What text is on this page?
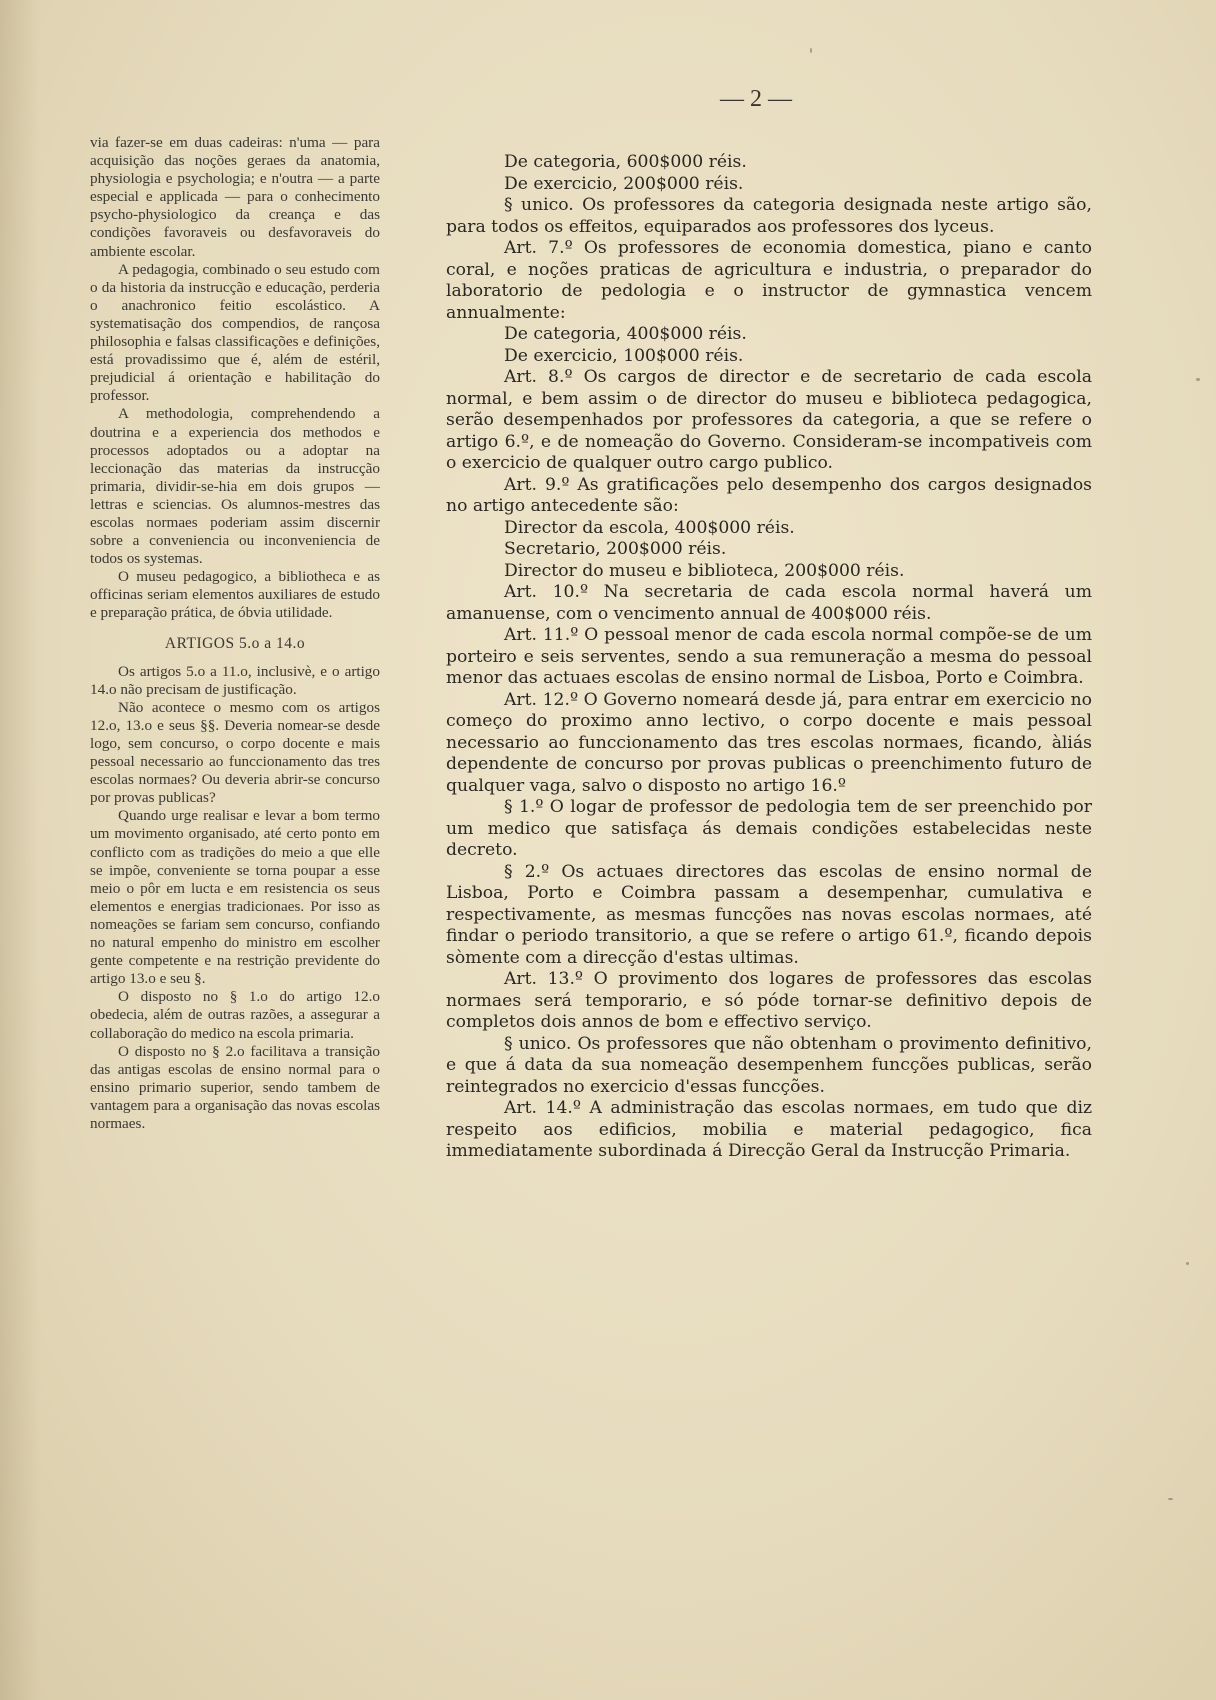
— 2 —

via fazer-se em duas cadeiras: n'uma — para acquisição das noções geraes da anatomia, physiologia e psychologia; e n'outra — a parte especial e applicada — para o conhecimento psycho-physiologico da creança e das condições favoraveis ou desfavoraveis do ambiente escolar.

A pedagogia, combinado o seu estudo com o da historia da instrucção e educação, perderia o anachronico feitio escolástico. A systematisação dos compendios, de rançosa philosophia e falsas classificações e definições, está provadissimo que é, além de estéril, prejudicial á orientação e habilitação do professor.

A methodologia, comprehendendo a doutrina e a experiencia dos methodos e processos adoptados ou a adoptar na leccionação das materias da instrucção primaria, dividir-se-hia em dois grupos — lettras e sciencias. Os alumnos-mestres das escolas normaes poderiam assim discernir sobre a conveniencia ou inconveniencia de todos os systemas.

O museu pedagogico, a bibliotheca e as officinas seriam elementos auxiliares de estudo e preparação prática, de óbvia utilidade.

ARTIGOS 5.o a 14.o

Os artigos 5.o a 11.o, inclusivè, e o artigo 14.o não precisam de justificação.

Não acontece o mesmo com os artigos 12.o, 13.o e seus §§. Deveria nomear-se desde logo, sem concurso, o corpo docente e mais pessoal necessario ao funccionamento das tres escolas normaes? Ou deveria abrir-se concurso por provas publicas?

Quando urge realisar e levar a bom termo um movimento organisado, até certo ponto em conflicto com as tradições do meio a que elle se impõe, conveniente se torna poupar a esse meio o pôr em lucta e em resistencia os seus elementos e energias tradicionaes. Por isso as nomeações se fariam sem concurso, confiando no natural empenho do ministro em escolher gente competente e na restrição previdente do artigo 13.o e seu §.

O disposto no § 1.o do artigo 12.o obedecia, além de outras razões, a assegurar a collaboração do medico na escola primaria.

O disposto no § 2.o facilitava a transição das antigas escolas de ensino normal para o ensino primario superior, sendo tambem de vantagem para a organisação das novas escolas normaes.

De categoria, 600$000 réis.

De exercicio, 200$000 réis.

§ unico. Os professores da categoria designada neste artigo são, para todos os effeitos, equiparados aos professores dos lyceus.

Art. 7.º Os professores de economia domestica, piano e canto coral, e noções praticas de agricultura e industria, o preparador do laboratorio de pedologia e o instructor de gymnastica vencem annualmente:

De categoria, 400$000 réis.

De exercicio, 100$000 réis.

Art. 8.º Os cargos de director e de secretario de cada escola normal, e bem assim o de director do museu e biblioteca pedagogica, serão desempenhados por professores da categoria, a que se refere o artigo 6.º, e de nomeação do Governo. Consideram-se incompativeis com o exercicio de qualquer outro cargo publico.

Art. 9.º As gratificações pelo desempenho dos cargos designados no artigo antecedente são:

Director da escola, 400$000 réis.

Secretario, 200$000 réis.

Director do museu e biblioteca, 200$000 réis.

Art. 10.º Na secretaria de cada escola normal haverá um amanuense, com o vencimento annual de 400$000 réis.

Art. 11.º O pessoal menor de cada escola normal compõe-se de um porteiro e seis serventes, sendo a sua remuneração a mesma do pessoal menor das actuaes escolas de ensino normal de Lisboa, Porto e Coimbra.

Art. 12.º O Governo nomeará desde já, para entrar em exercicio no começo do proximo anno lectivo, o corpo docente e mais pessoal necessario ao funccionamento das tres escolas normaes, ficando, àliás dependente de concurso por provas publicas o preenchimento futuro de qualquer vaga, salvo o disposto no artigo 16.º

§ 1.º O logar de professor de pedologia tem de ser preenchido por um medico que satisfaça ás demais condições estabelecidas neste decreto.

§ 2.º Os actuaes directores das escolas de ensino normal de Lisboa, Porto e Coimbra passam a desempenhar, cumulativa e respectivamente, as mesmas funcções nas novas escolas normaes, até findar o periodo transitorio, a que se refere o artigo 61.º, ficando depois sòmente com a direcção d'estas ultimas.

Art. 13.º O provimento dos logares de professores das escolas normaes será temporario, e só póde tornar-se definitivo depois de completos dois annos de bom e effectivo serviço.

§ unico. Os professores que não obtenham o provimento definitivo, e que á data da sua nomeação desempenhem funcções publicas, serão reintegrados no exercicio d'essas funcções.

Art. 14.º A administração das escolas normaes, em tudo que diz respeito aos edificios, mobilia e material pedagogico, fica immediatamente subordinada á Direcção Geral da Instrucção Primaria.
